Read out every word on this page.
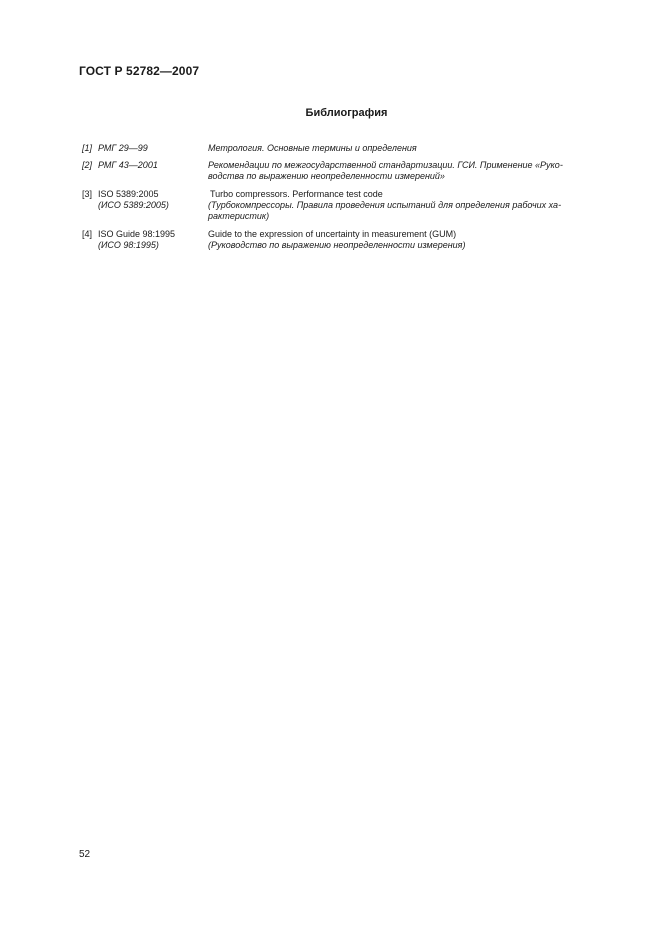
ГОСТ Р 52782—2007
Библиография
[1] РМГ 29—99	Метрология. Основные термины и определения
[2] РМГ 43—2001	Рекомендации по межгосударственной стандартизации. ГСИ. Применение «Руко-
водства по выражению неопределенности измерений»
[3] ISO 5389:2005
(ИСО 5389:2005)
Turbo compressors. Performance test code
(Турбокомпрессоры. Правила проведения испытаний для определения рабочих ха-
рактеристик)
[4] ISO Guide 98:1995
(ИСО 98:1995)
Guide to the expression of uncertainty in measurement (GUM)
(Руководство по выражению неопределенности измерения)
52
